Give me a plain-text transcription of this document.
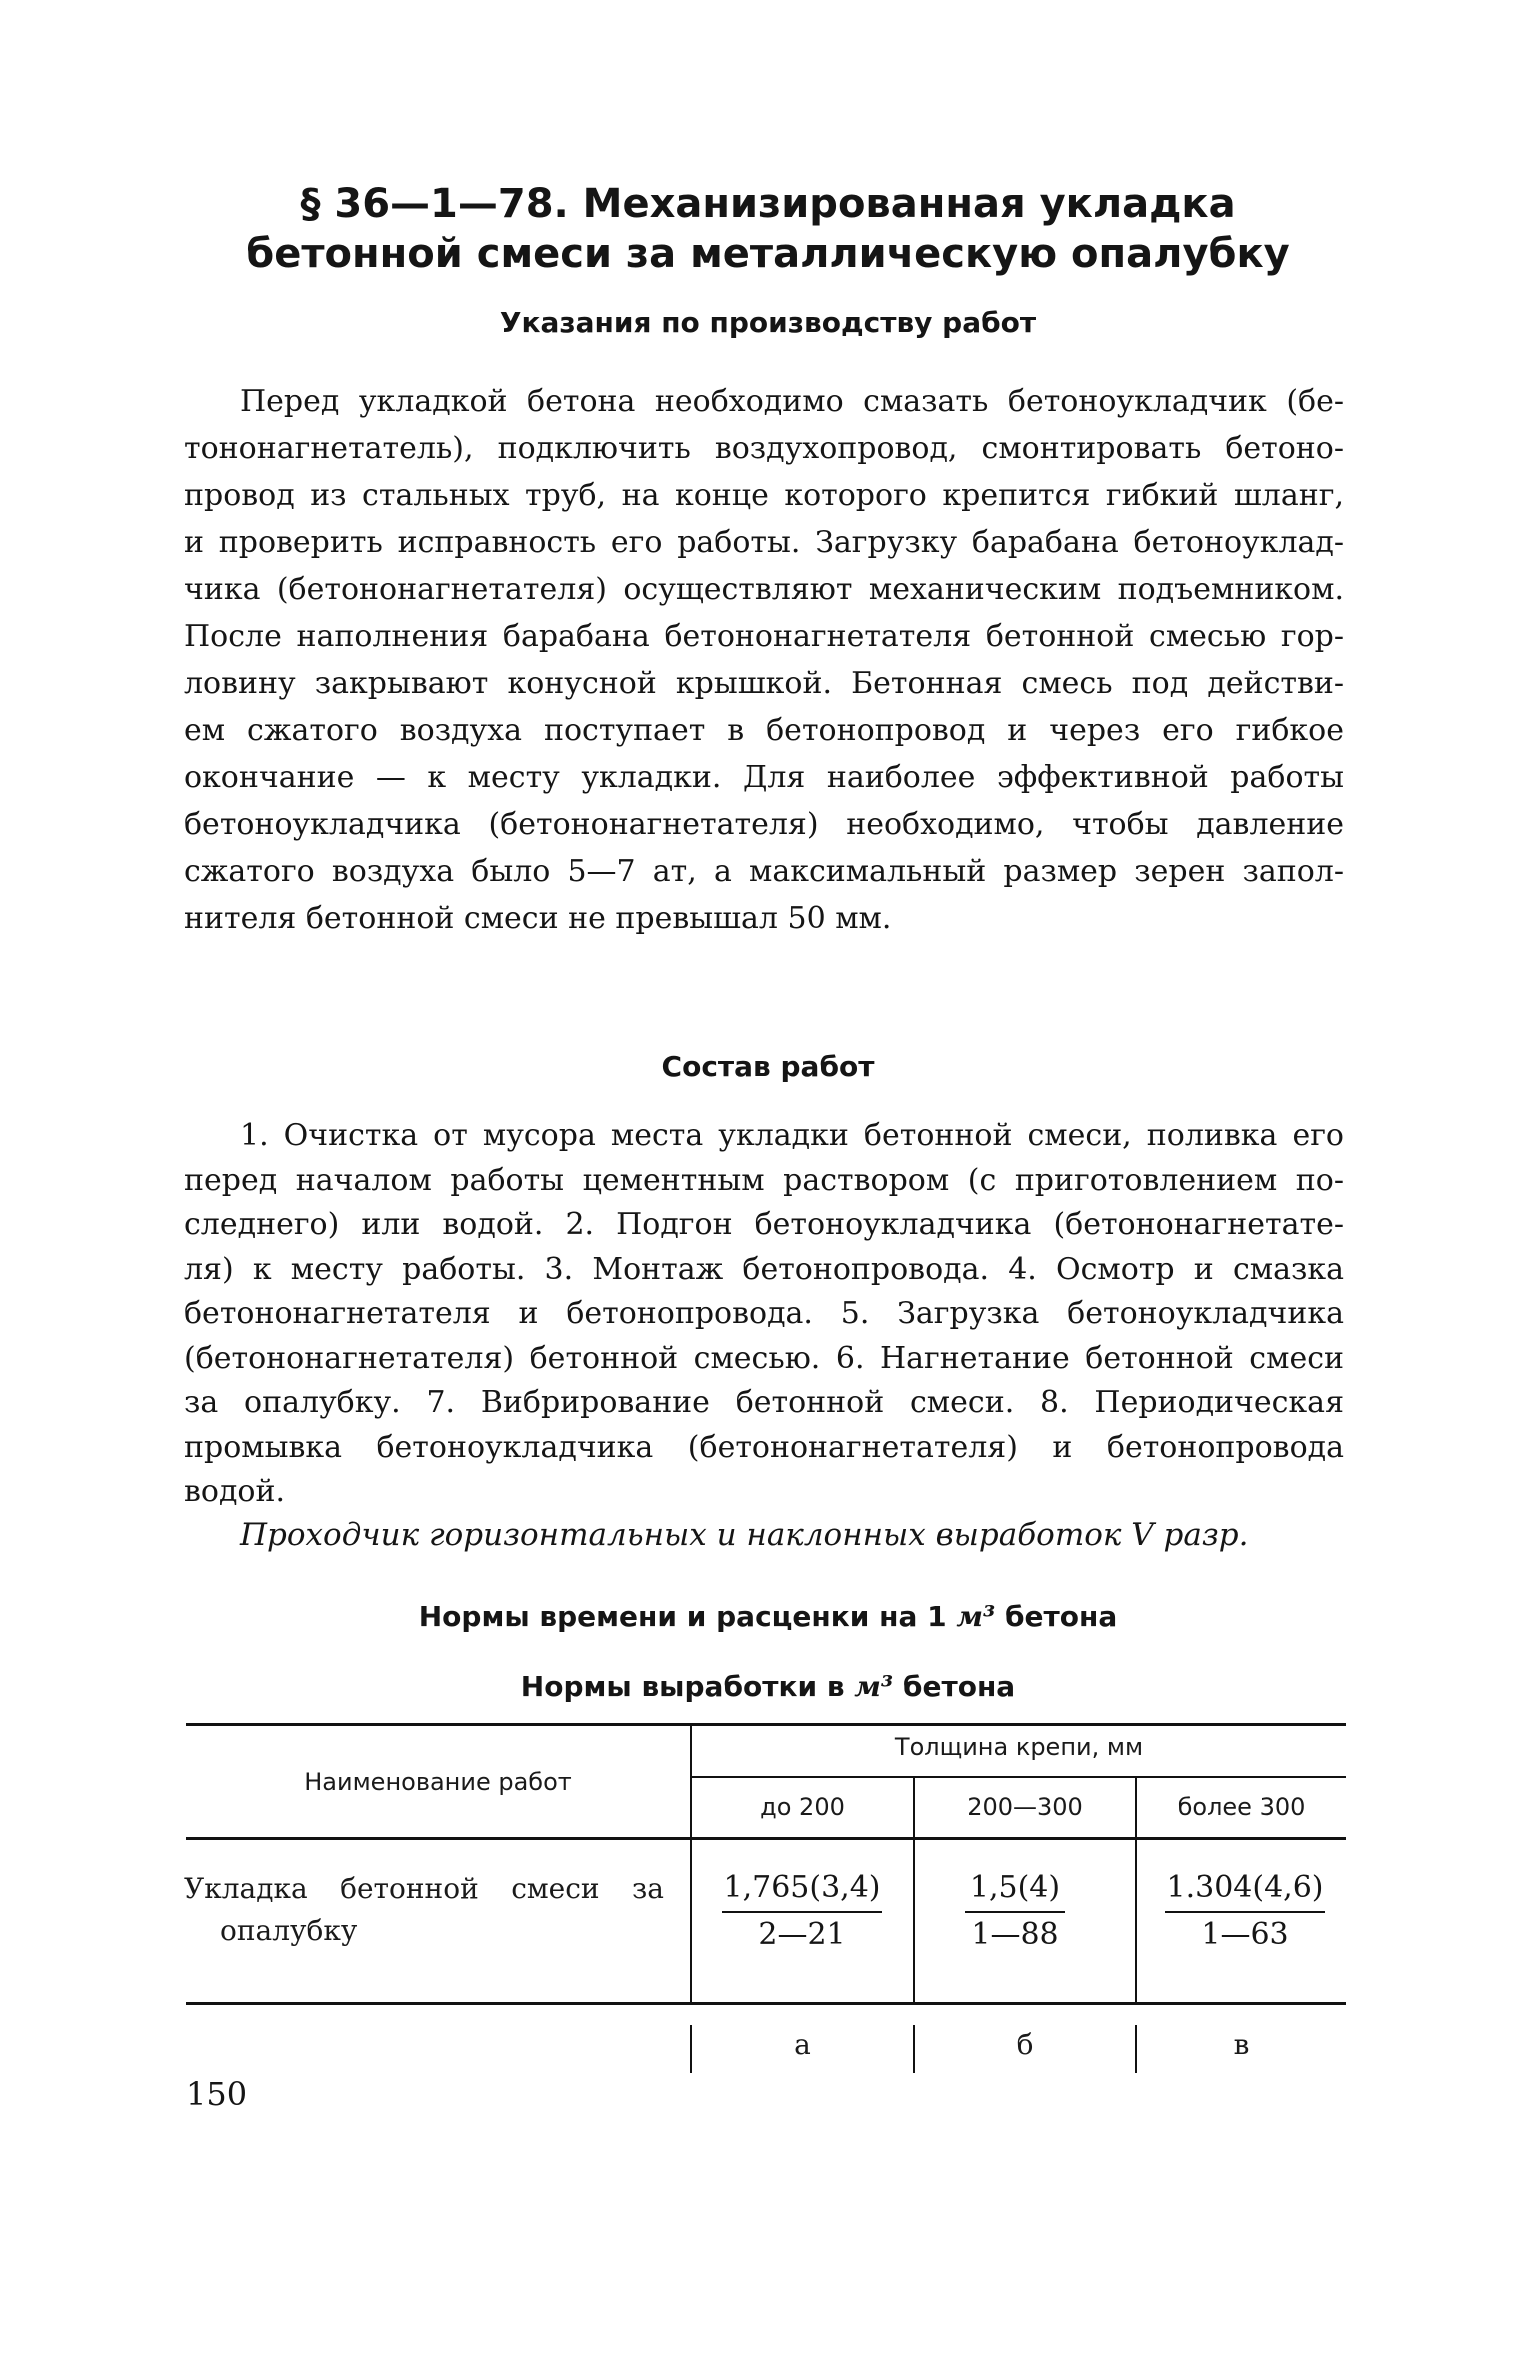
§ 36—1—78. Механизированная укладка
бетонной смеси за металлическую опалубку
Указания по производству работ
Перед укладкой бетона необходимо смазать бетоноукладчик (бе-
тононагнетатель), подключить воздухопровод, смонтировать бетоно-
провод из стальных труб, на конце которого крепится гибкий шланг,
и проверить исправность его работы. Загрузку барабана бетоноуклад-
чика (бетононагнетателя) осуществляют механическим подъемником.
После наполнения барабана бетононагнетателя бетонной смесью гор-
ловину закрывают конусной крышкой. Бетонная смесь под действи-
ем сжатого воздуха поступает в бетонопровод и через его гибкое
окончание — к месту укладки. Для наиболее эффективной работы
бетоноукладчика (бетононагнетателя) необходимо, чтобы давление
сжатого воздуха было 5—7 ат, а максимальный размер зерен запол-
нителя бетонной смеси не превышал 50 мм.
Состав работ
1. Очистка от мусора места укладки бетонной смеси, поливка его
перед началом работы цементным раствором (с приготовлением по-
следнего) или водой. 2. Подгон бетоноукладчика (бетононагнетате-
ля) к месту работы. 3. Монтаж бетонопровода. 4. Осмотр и смазка
бетононагнетателя и бетонопровода. 5. Загрузка бетоноукладчика
(бетононагнетателя) бетонной смесью. 6. Нагнетание бетонной смеси
за опалубку. 7. Вибрирование бетонной смеси. 8. Периодическая
промывка бетоноукладчика (бетононагнетателя) и бетонопровода
водой.

Проходчик горизонтальных и наклонных выработок V разр.

Нормы времени и расценки на 1 м³ бетона

Нормы выработки в м³ бетона

Наименование работ
Толщина крепи, мм
до 200	200—300	более 300
Укладка бетонной смеси за
опалубку	$\frac{1,765(3,4)}{2—21}$	$\frac{1,5(4)}{1—88}$	$\frac{1.304(4,6)}{1—63}$
а	б	в
150
